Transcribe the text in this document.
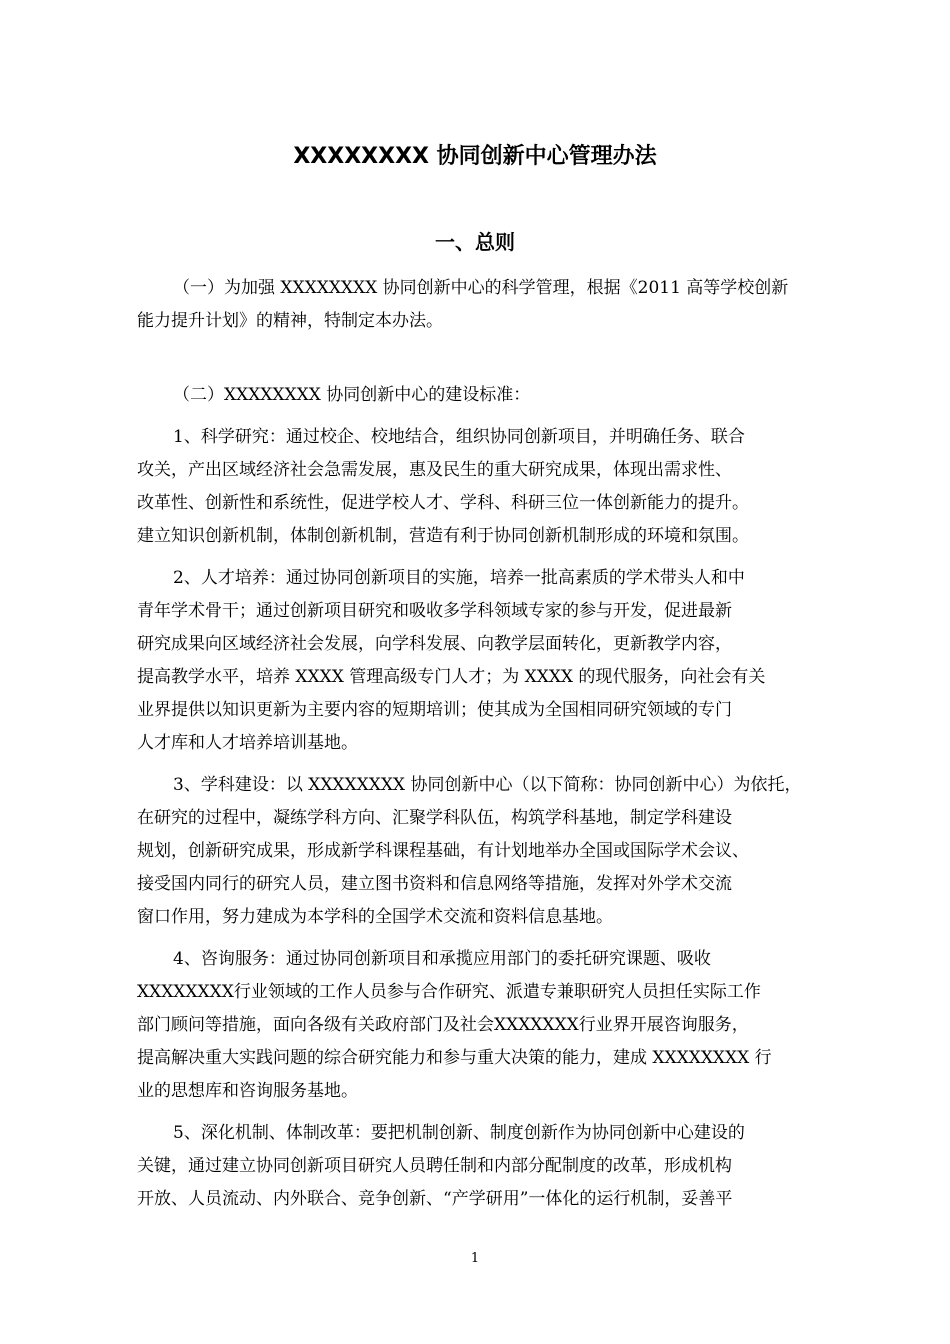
XXXXXXXX 协同创新中心管理办法
一、总则
（一）为加强 XXXXXXXX 协同创新中心的科学管理，根据《2011 高等学校创新
能力提升计划》的精神，特制定本办法。
（二）XXXXXXXX 协同创新中心的建设标准：
1、科学研究：通过校企、校地结合，组织协同创新项目，并明确任务、联合
攻关，产出区域经济社会急需发展，惠及民生的重大研究成果，体现出需求性、
改革性、创新性和系统性，促进学校人才、学科、科研三位一体创新能力的提升。
建立知识创新机制，体制创新机制，营造有利于协同创新机制形成的环境和氛围。
2、人才培养：通过协同创新项目的实施，培养一批高素质的学术带头人和中
青年学术骨干；通过创新项目研究和吸收多学科领域专家的参与开发，促进最新
研究成果向区域经济社会发展，向学科发展、向教学层面转化，更新教学内容，
提高教学水平，培养 XXXX 管理高级专门人才；为 XXXX 的现代服务，向社会有关
业界提供以知识更新为主要内容的短期培训；使其成为全国相同研究领域的专门
人才库和人才培养培训基地。
3、学科建设：以 XXXXXXXX 协同创新中心（以下简称：协同创新中心）为依托，
在研究的过程中，凝练学科方向、汇聚学科队伍，构筑学科基地，制定学科建设
规划，创新研究成果，形成新学科课程基础，有计划地举办全国或国际学术会议、
接受国内同行的研究人员，建立图书资料和信息网络等措施，发挥对外学术交流
窗口作用，努力建成为本学科的全国学术交流和资料信息基地。
4、咨询服务：通过协同创新项目和承揽应用部门的委托研究课题、吸收
XXXXXXXX行业领域的工作人员参与合作研究、派遣专兼职研究人员担任实际工作
部门顾问等措施，面向各级有关政府部门及社会XXXXXXX行业界开展咨询服务，
提高解决重大实践问题的综合研究能力和参与重大决策的能力，建成 XXXXXXXX 行
业的思想库和咨询服务基地。
5、深化机制、体制改革：要把机制创新、制度创新作为协同创新中心建设的
关键，通过建立协同创新项目研究人员聘任制和内部分配制度的改革，形成机构
开放、人员流动、内外联合、竞争创新、“产学研用”一体化的运行机制，妥善平
1
